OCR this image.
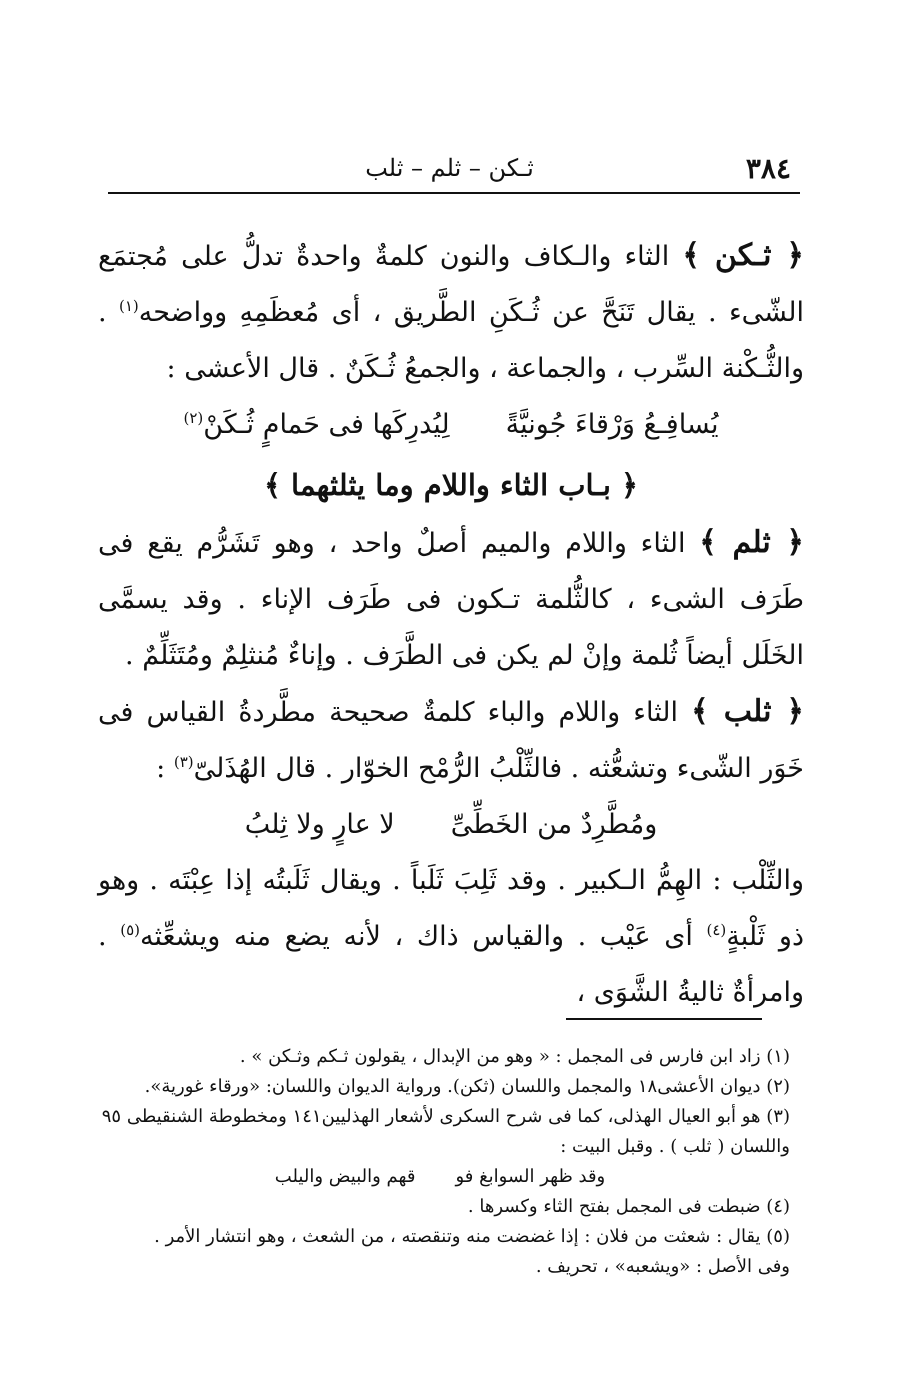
٣٨٤
ثـكن – ثلم – ثلب

﴿ ثـكن ﴾ الثاء والـكاف والنون كلمةٌ واحدةٌ تدلُّ على مُجتمَع الشّىء . يقال تَنَحَّ عن ثُـكَنِ الطَّريق ، أى مُعظَمِهِ وواضحه$^{(١)}$ . والثُّـكْنة السِّرب ، والجماعة ، والجمعُ ثُـكَنٌ . قال الأعشى :

يُسافِـعُ وَرْقاءَ جُونيَّةً
لِيُدرِكَها فى حَمامٍ ثُـكَنْ$^{(٢)}$
﴿ بـاب الثاء واللام وما يثلثهما ﴾

﴿ ثلم ﴾ الثاء واللام والميم أصلٌ واحد ، وهو تَشَرُّم يقع فى طَرَف الشىء ، كالثُّلمة تـكون فى طَرَف الإناء . وقد يسمَّى الخَلَل أيضاً ثُلمة وإنْ لم يكن فى الطَّرَف . وإناءٌ مُنثلِمٌ ومُتَثَلِّمٌ .

﴿ ثلب ﴾ الثاء واللام والباء كلمةٌ صحيحة مطَّردةُ القياس فى خَوَر الشّىء وتشعُّثه . فالثِّلْبُ الرُّمْح الخوّار . قال الهُذَلىّ$^{(٣)}$ :

ومُطَّرِدٌ من الخَطِّىِّ
لا عارٍ ولا ثِلبُ

والثِّلْب : الهِمُّ الـكبير . وقد ثَلِبَ ثَلَباً . ويقال ثَلَبتُه إذا عِبْتَه . وهو ذو ثَلْبةٍ$^{(٤)}$ أى عَيْب . والقياس ذاك ، لأنه يضع منه ويشعِّثه$^{(٥)}$ . وامرأةٌ ثاليةُ الشَّوَى ،

(١) زاد ابن فارس فى المجمل : « وهو من الإبدال ، يقولون ثـكم وثـكن » .

(٢) ديوان الأعشى١٨ والمجمل واللسان (ثكن). ورواية الديوان واللسان: «ورقاء غورية».

(٣) هو أبو العيال الهذلى، كما فى شرح السكرى لأشعار الهذليين١٤١ ومخطوطة الشنقيطى ٩٥

واللسان ( ثلب ) . وقبل البيت :

وقد ظهر السوابغ فو
قهم والبيض واليلب

(٤) ضبطت فى المجمل بفتح الثاء وكسرها .

(٥) يقال : شعثت من فلان : إذا غضضت منه وتنقصته ، من الشعث ، وهو انتشار الأمر .

وفى الأصل : «ويشعبه» ، تحريف .
